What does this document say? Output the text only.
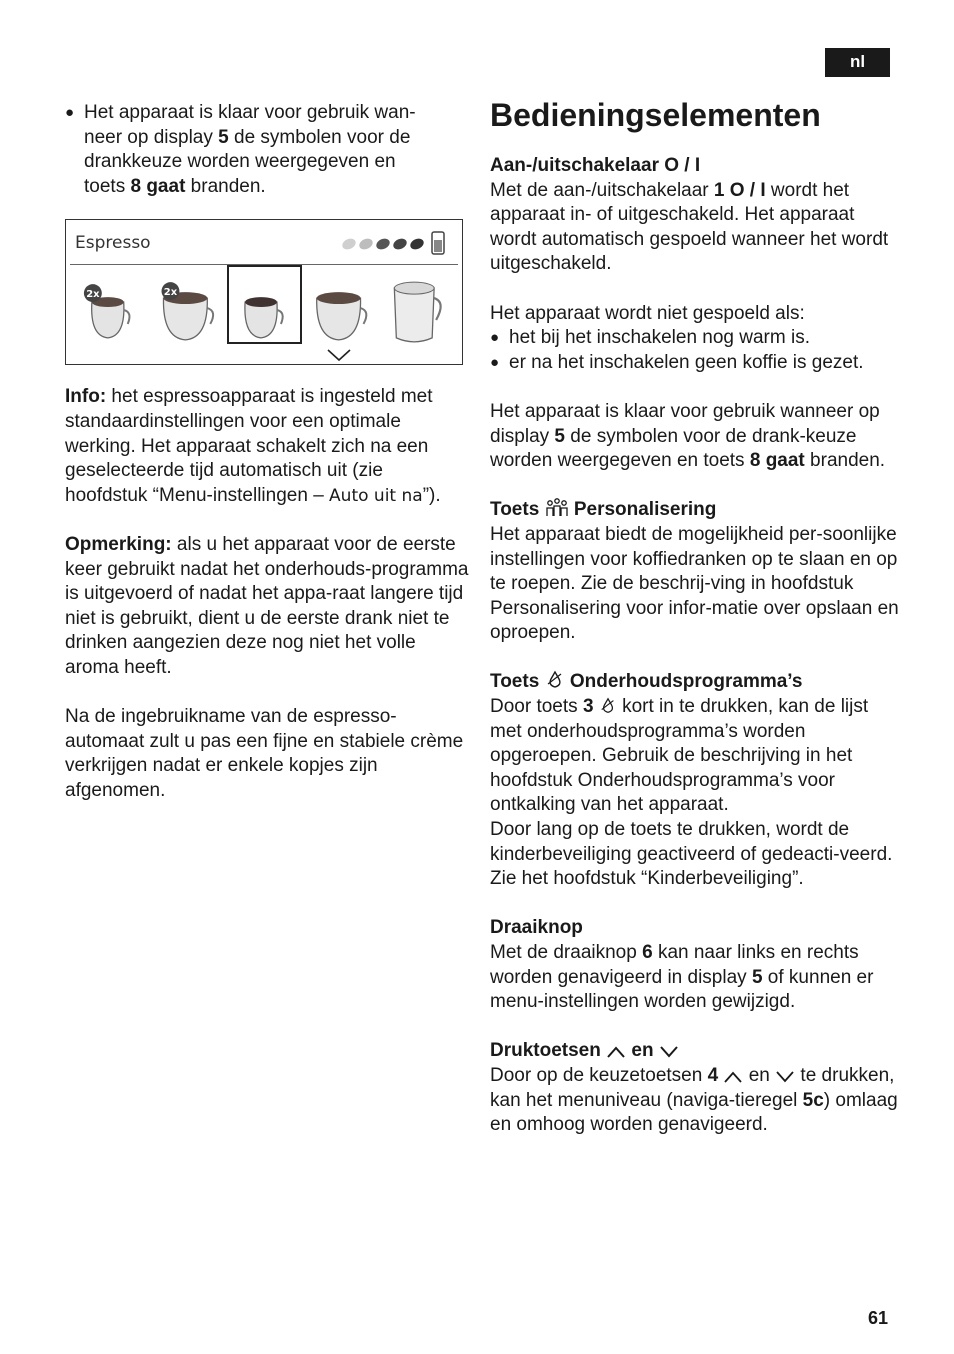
nl

● Het apparaat is klaar voor gebruik wan-
neer op display 5 de symbolen voor de
drankkeuze worden weergegeven en
toets 8 gaat branden.

Espresso
2x	2x

Info: het espressoapparaat is ingesteld met standaardinstellingen voor een optimale werking. Het apparaat schakelt zich na een geselecteerde tijd automatisch uit (zie hoofdstuk “Menu-instellingen – Auto uit na”).

Opmerking: als u het apparaat voor de eerste keer gebruikt nadat het onderhouds-programma is uitgevoerd of nadat het appa-raat langere tijd niet is gebruikt, dient u de eerste drank niet te drinken aangezien deze nog niet het volle aroma heeft.

Na de ingebruikname van de espresso-automaat zult u pas een fijne en stabiele crème verkrijgen nadat er enkele kopjes zijn afgenomen.

Bedieningselementen

Aan-/uitschakelaar O / I

Met de aan-/uitschakelaar 1 O / I wordt het apparaat in- of uitgeschakeld. Het apparaat wordt automatisch gespoeld wanneer het wordt uitgeschakeld.

Het apparaat wordt niet gespoeld als:

● het bij het inschakelen nog warm is.

● er na het inschakelen geen koffie is gezet.

Het apparaat is klaar voor gebruik wanneer op display 5 de symbolen voor de drank-keuze worden weergegeven en toets 8 gaat branden.

Toets  Personalisering

Het apparaat biedt de mogelijkheid per-soonlijke instellingen voor koffiedranken op te slaan en op te roepen. Zie de beschrij-ving in hoofdstuk Personalisering voor infor-matie over opslaan en oproepen.

Toets  Onderhoudsprogramma’s

Door toets 3  kort in te drukken, kan de lijst met onderhoudsprogramma’s worden opgeroepen. Gebruik de beschrijving in het hoofdstuk Onderhoudsprogramma’s voor ontkalking van het apparaat.

Door lang op de toets te drukken, wordt de kinderbeveiliging geactiveerd of gedeacti-veerd. Zie het hoofdstuk “Kinderbeveiliging”.

Draaiknop

Met de draaiknop 6 kan naar links en rechts worden genavigeerd in display 5 of kunnen er menu-instellingen worden gewijzigd.

Druktoetsen  en

Door op de keuzetoetsen 4  en  te drukken, kan het menuniveau (naviga-tieregel 5c) omlaag en omhoog worden genavigeerd.

61
